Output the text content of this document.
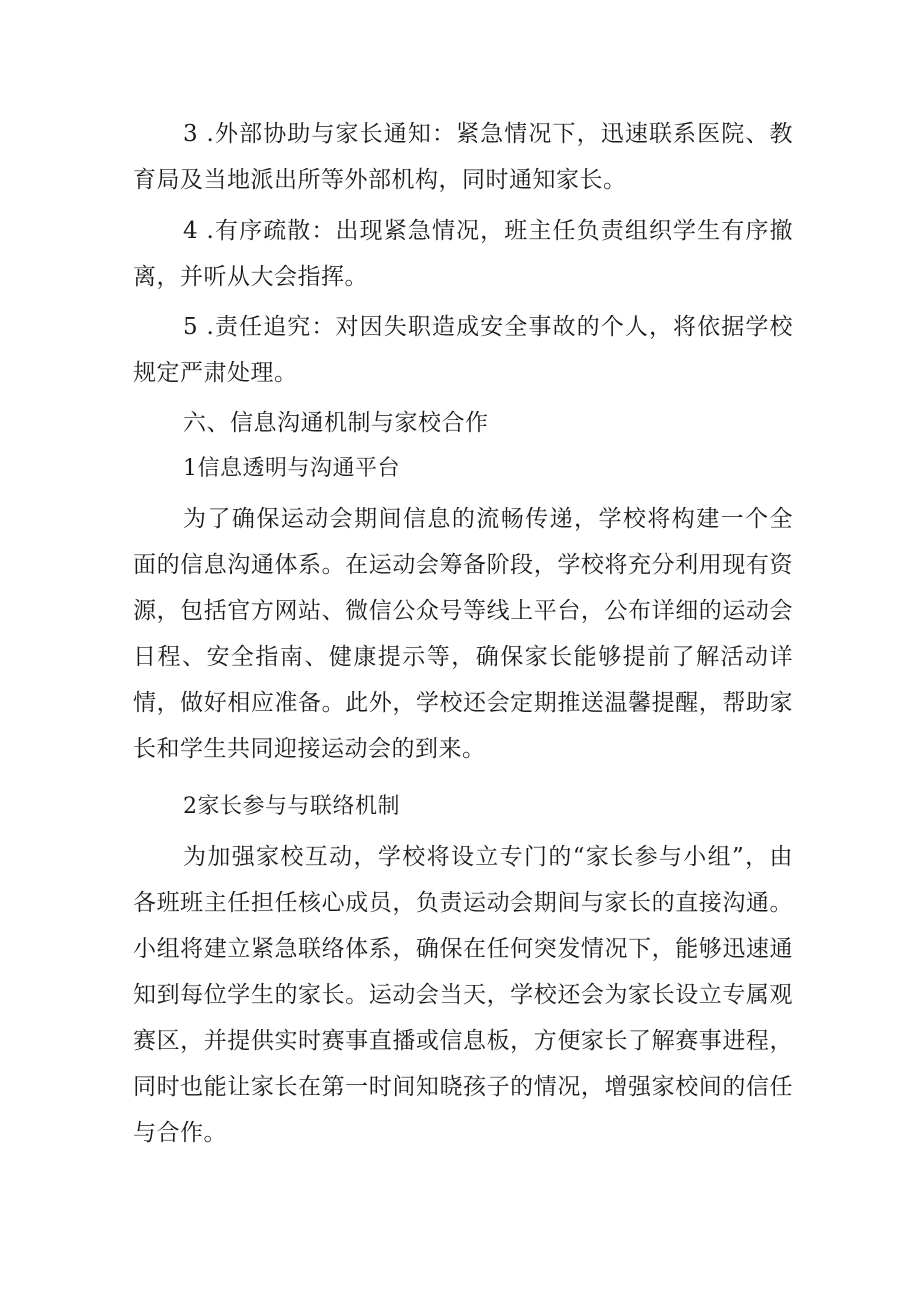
3 .外部协助与家长通知：紧急情况下，迅速联系医院、教育局及当地派出所等外部机构，同时通知家长。

4 .有序疏散：出现紧急情况，班主任负责组织学生有序撤离，并听从大会指挥。

5 .责任追究：对因失职造成安全事故的个人，将依据学校规定严肃处理。

六、信息沟通机制与家校合作

1信息透明与沟通平台

为了确保运动会期间信息的流畅传递，学校将构建一个全面的信息沟通体系。在运动会筹备阶段，学校将充分利用现有资源，包括官方网站、微信公众号等线上平台，公布详细的运动会日程、安全指南、健康提示等，确保家长能够提前了解活动详情，做好相应准备。此外，学校还会定期推送温馨提醒，帮助家长和学生共同迎接运动会的到来。

2家长参与与联络机制

为加强家校互动，学校将设立专门的“家长参与小组”，由各班班主任担任核心成员，负责运动会期间与家长的直接沟通。小组将建立紧急联络体系，确保在任何突发情况下，能够迅速通知到每位学生的家长。运动会当天，学校还会为家长设立专属观赛区，并提供实时赛事直播或信息板，方便家长了解赛事进程，同时也能让家长在第一时间知晓孩子的情况，增强家校间的信任与合作。
